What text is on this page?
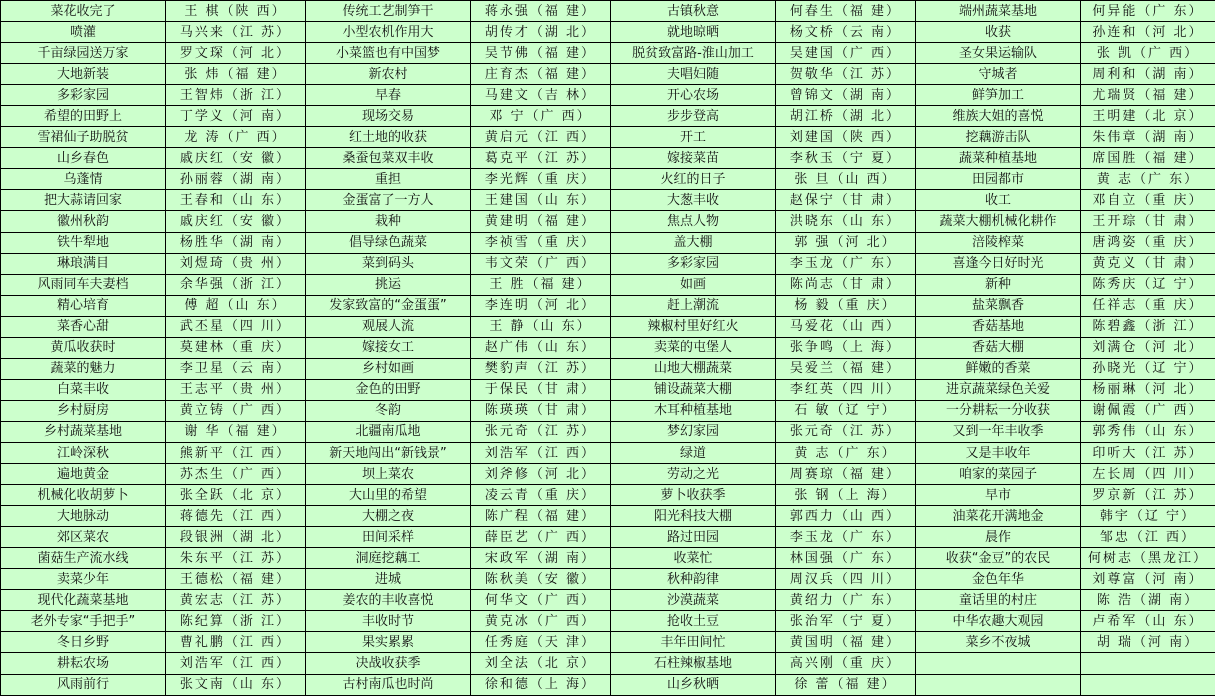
菜花收完了	王 棋（陕 西）	传统工艺制笋干	蒋永强（福 建）	古镇秋意	何春生（福 建）	端州蔬菜基地	何异能（广 东）
喷灌	马兴来（江 苏）	小型农机作用大	胡传才（湖 北）	就地晾晒	杨文桥（云 南）	收获	孙连和（河 北）
千亩绿园送万家	罗文琛（河 北）	小菜篮也有中国梦	吴节佛（福 建）	脱贫致富路-淮山加工	吴建国（广 西）	圣女果运输队	张 凯（广 西）
大地新装	张 炜（福 建）	新农村	庄育杰（福 建）	夫唱妇随	贺敬华（江 苏）	守城者	周利和（湖 南）
多彩家园	王智炜（浙 江）	早春	马建文（吉 林）	开心农场	曾锦文（湖 南）	鲜笋加工	尤瑞贤（福 建）
希望的田野上	丁学义（河 南）	现场交易	邓 宁（广 西）	步步登高	胡江桥（湖 北）	维族大姐的喜悦	王明建（北 京）
雪裙仙子助脱贫	龙 涛（广 西）	红土地的收获	黄启元（江 西）	开工	刘建国（陕 西）	挖藕游击队	朱伟章（湖 南）
山乡春色	戚庆红（安 徽）	桑蚕包菜双丰收	葛克平（江 苏）	嫁接菜苗	李秋玉（宁 夏）	蔬菜种植基地	席国胜（福 建）
乌蓬情	孙丽蓉（湖 南）	重担	李光辉（重 庆）	火红的日子	张 旦（山 西）	田园都市	黄 志（广 东）
把大蒜请回家	王春和（山 东）	金蛋富了一方人	王建国（山 东）	大葱丰收	赵保宁（甘 肃）	收工	邓自立（重 庆）
徽州秋韵	戚庆红（安 徽）	栽种	黄建明（福 建）	焦点人物	洪晓东（山 东）	蔬菜大棚机械化耕作	王开琮（甘 肃）
铁牛犁地	杨胜华（湖 南）	倡导绿色蔬菜	李祯雪（重 庆）	盖大棚	郭 强（河 北）	涪陵榨菜	唐鸿姿（重 庆）
琳琅满目	刘煜琦（贵 州）	菜到码头	韦文荣（广 西）	多彩家园	李玉龙（广 东）	喜逢今日好时光	黄克义（甘 肃）
风雨同车夫妻档	余华强（浙 江）	挑运	王 胜（福 建）	如画	陈尚志（甘 肃）	新种	陈秀庆（辽 宁）
精心培育	傅 超（山 东）	发家致富的“金蛋蛋”	李连明（河 北）	赶上潮流	杨 毅（重 庆）	盐菜飘香	任祥志（重 庆）
菜香心甜	武丕星（四 川）	观展人流	王 静（山 东）	辣椒村里好红火	马爱花（山 西）	香菇基地	陈碧鑫（浙 江）
黄瓜收获时	莫建林（重 庆）	嫁接女工	赵广伟（山 东）	卖菜的屯堡人	张争鸣（上 海）	香菇大棚	刘满仓（河 北）
蔬菜的魅力	李卫星（云 南）	乡村如画	樊豹声（江 苏）	山地大棚蔬菜	吴爱兰（福 建）	鲜嫩的香菜	孙晓光（辽 宁）
白菜丰收	王志平（贵 州）	金色的田野	于保民（甘 肃）	铺设蔬菜大棚	李红英（四 川）	进京蔬菜绿色关爱	杨丽琳（河 北）
乡村厨房	黄立铸（广 西）	冬韵	陈瑛瑛（甘 肃）	木耳种植基地	石 敏（辽 宁）	一分耕耘一分收获	谢佩霞（广 西）
乡村蔬菜基地	谢 华（福 建）	北疆南瓜地	张元奇（江 苏）	梦幻家园	张元奇（江 苏）	又到一年丰收季	郭秀伟（山 东）
江岭深秋	熊新平（江 西）	新天地闯出“新钱景”	刘浩军（江 西）	绿道	黄 志（广 东）	又是丰收年	印听大（江 苏）
遍地黄金	苏杰生（广 西）	坝上菜农	刘斧修（河 北）	劳动之光	周赛琼（福 建）	咱家的菜园子	左长周（四 川）
机械化收胡萝卜	张全跃（北 京）	大山里的希望	凌云青（重 庆）	萝卜收获季	张 钢（上 海）	早市	罗京新（江 苏）
大地脉动	蒋德先（江 西）	大棚之夜	陈广程（福 建）	阳光科技大棚	郭西力（山 西）	油菜花开满地金	韩宇（辽 宁）
郊区菜农	段银洲（湖 北）	田间采样	薛臣艺（广 西）	路过田园	李玉龙（广 东）	晨作	邹忠（江 西）
菌菇生产流水线	朱东平（江 苏）	洞庭挖藕工	宋政军（湖 南）	收菜忙	林国强（广 东）	收获“金豆”的农民	何树志（黑龙江）
卖菜少年	王德松（福 建）	进城	陈秋美（安 徽）	秋种韵律	周汉兵（四 川）	金色年华	刘尊富（河 南）
现代化蔬菜基地	黄宏志（江 苏）	姜农的丰收喜悦	何华文（广 西）	沙漠蔬菜	黄绍力（广 东）	童话里的村庄	陈 浩（湖 南）
老外专家“手把手”	陈纪算（浙 江）	丰收时节	黄克冰（广 西）	抢收土豆	张治军（宁 夏）	中华农趣大观园	卢希军（山 东）
冬日乡野	曹礼鹏（江 西）	果实累累	任秀庭（天 津）	丰年田间忙	黄国明（福 建）	菜乡不夜城	胡 瑞（河 南）
耕耘农场	刘浩军（江 西）	决战收获季	刘全法（北 京）	石柱辣椒基地	高兴刚（重 庆）		
风雨前行	张文南（山 东）	古村南瓜也时尚	徐和德（上 海）	山乡秋晒	徐 蕾（福 建）		
